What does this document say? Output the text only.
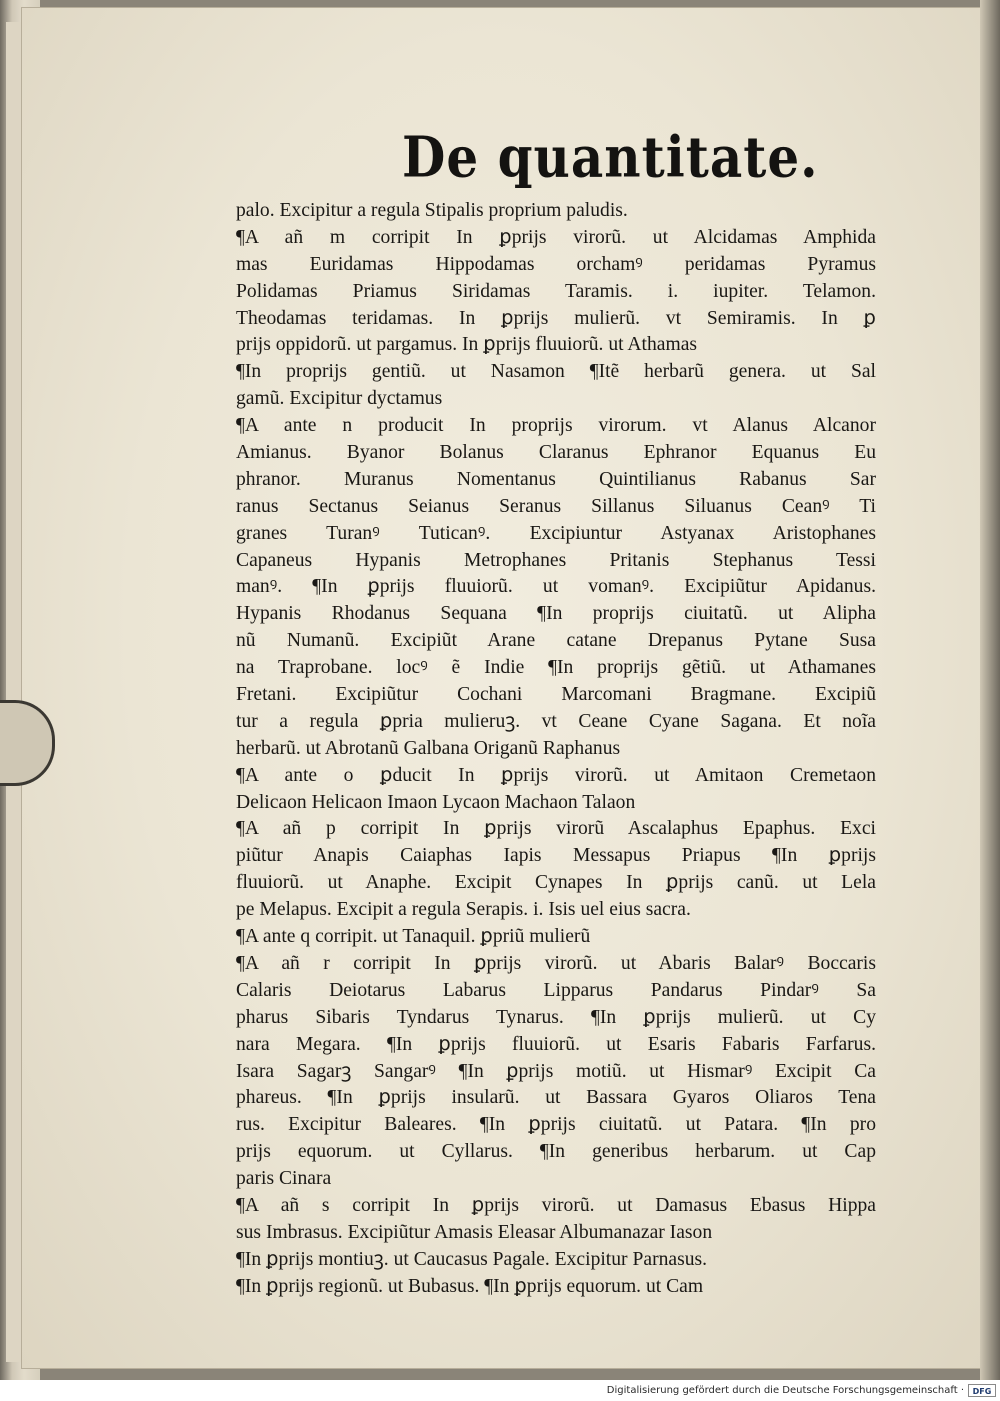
De quantitate.
palo. Excipitur a regula Stipalis proprium paludis.
¶A añ m corripit In ꝑprijs virorũ. ut Alcidamas Amphida
mas Euridamas Hippodamas orchamꝰ peridamas Pyramus
Polidamas Priamus Siridamas Taramis. i. iupiter. Telamon.
Theodamas teridamas. In ꝑprijs mulierũ. vt Semiramis. In ꝑ
prijs oppidorũ. ut pargamus. In ꝑprijs fluuiorũ. ut Athamas
¶In proprijs gentiũ. ut Nasamon ¶Itẽ herbarũ genera. ut Sal
gamũ. Excipitur dyctamus
¶A ante n producit In proprijs virorum. vt Alanus Alcanor
Amianus. Byanor Bolanus Claranus Ephranor Equanus Eu
phranor. Muranus Nomentanus Quintilianus Rabanus Sar
ranus Sectanus Seianus Seranus Sillanus Siluanus Ceanꝰ Ti
granes Turanꝰ Tuticanꝰ. Excipiuntur Astyanax Aristophanes
Capaneus Hypanis Metrophanes Pritanis Stephanus Tessi
manꝰ. ¶In ꝑprijs fluuiorũ. ut vomanꝰ. Excipiũtur Apidanus.
Hypanis Rhodanus Sequana ¶In proprijs ciuitatũ. ut Alipha
nũ Numanũ. Excipiũt Arane catane Drepanus Pytane Susa
na Traprobane. locꝰ ẽ Indie ¶In proprijs gẽtiũ. ut Athamanes
Fretani. Excipiũtur Cochani Marcomani Bragmane. Excipiũ
tur a regula ꝑpria mulieruꝫ. vt Ceane Cyane Sagana. Et noĩa
herbarũ. ut Abrotanũ Galbana Origanũ Raphanus
¶A ante o ꝑducit In ꝑprijs virorũ. ut Amitaon Cremetaon
Delicaon Helicaon Imaon Lycaon Machaon Talaon
¶A añ p corripit In ꝑprijs virorũ Ascalaphus Epaphus. Exci
piũtur Anapis Caiaphas Iapis Messapus Priapus ¶In ꝑprijs
fluuiorũ. ut Anaphe. Excipit Cynapes In ꝑprijs canũ. ut Lela
pe Melapus. Excipit a regula Serapis. i. Isis uel eius sacra.
¶A ante q corripit. ut Tanaquil. ꝑpriũ mulierũ
¶A añ r corripit In ꝑprijs virorũ. ut Abaris Balarꝰ Boccaris
Calaris Deiotarus Labarus Lipparus Pandarus Pindarꝰ Sa
pharus Sibaris Tyndarus Tynarus. ¶In ꝑprijs mulierũ. ut Cy
nara Megara. ¶In ꝑprijs fluuiorũ. ut Esaris Fabaris Farfarus.
Isara Sagarꝫ Sangarꝰ ¶In ꝑprijs motiũ. ut Hismarꝰ Excipit Ca
phareus. ¶In ꝑprijs insularũ. ut Bassara Gyaros Oliaros Tena
rus. Excipitur Baleares. ¶In ꝑprijs ciuitatũ. ut Patara. ¶In pro
prijs equorum. ut Cyllarus. ¶In generibus herbarum. ut Cap
paris Cinara
¶A añ s corripit In ꝑprijs virorũ. ut Damasus Ebasus Hippa
sus Imbrasus. Excipiũtur Amasis Eleasar Albumanazar Iason
¶In ꝑprijs montiuꝫ. ut Caucasus Pagale. Excipitur Parnasus.
¶In ꝑprijs regionũ. ut Bubasus. ¶In ꝑprijs equorum. ut Cam
Digitalisierung gefördert durch die Deutsche Forschungsgemeinschaft ·	DFG
